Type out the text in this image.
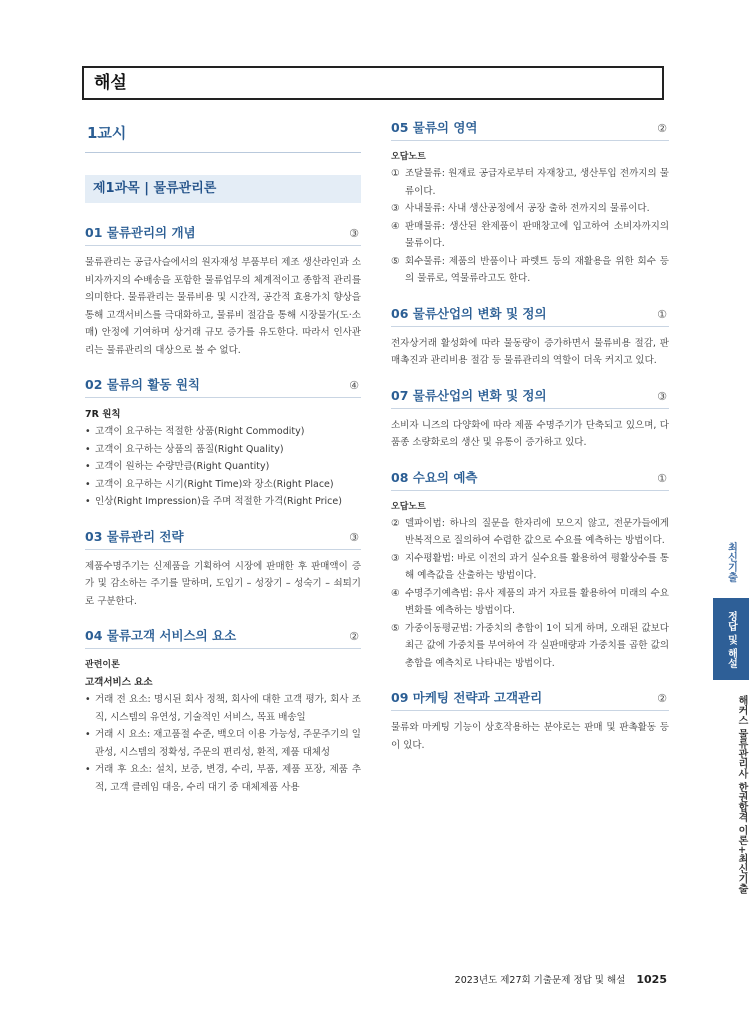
해설
1교시
제1과목 | 물류관리론
01 물류관리의 개념	③

물류관리는 공급사슬에서의 원자재성 부품부터 제조 생산라인과 소비자까지의 수배송을 포함한 물류업무의 체계적이고 종합적 관리를 의미한다. 물류관리는 물류비용 및 시간적, 공간적 효용가치 향상을 통해 고객서비스를 극대화하고, 물류비 절감을 통해 시장물가(도·소매) 안정에 기여하며 상거래 규모 증가를 유도한다. 따라서 인사관리는 물류관리의 대상으로 볼 수 없다.

02 물류의 활동 원칙	④
7R 원칙
• 고객이 요구하는 적절한 상품(Right Commodity)
• 고객이 요구하는 상품의 품질(Right Quality)
• 고객이 원하는 수량만큼(Right Quantity)
• 고객이 요구하는 시기(Right Time)와 장소(Right Place)
• 인상(Right Impression)을 주며 적절한 가격(Right Price)
03 물류관리 전략	③

제품수명주기는 신제품을 기획하여 시장에 판매한 후 판매액이 증가 및 감소하는 주기를 말하며, 도입기 – 성장기 – 성숙기 – 쇠퇴기로 구분한다.

04 물류고객 서비스의 요소	②
관련이론
고객서비스 요소
• 거래 전 요소: 명시된 회사 정책, 회사에 대한 고객 평가, 회사 조직, 시스템의 유연성, 기술적인 서비스, 목표 배송일
• 거래 시 요소: 재고품절 수준, 백오더 이용 가능성, 주문주기의 일관성, 시스템의 정확성, 주문의 편리성, 환적, 제품 대체성
• 거래 후 요소: 설치, 보증, 변경, 수리, 부품, 제품 포장, 제품 추적, 고객 클레임 대응, 수리 대기 중 대체제품 사용
05 물류의 영역	②
오답노트
① 조달물류: 원재료 공급자로부터 자재창고, 생산투입 전까지의 물류이다.
③ 사내물류: 사내 생산공정에서 공장 출하 전까지의 물류이다.
④ 판매물류: 생산된 완제품이 판매창고에 입고하여 소비자까지의 물류이다.
⑤ 회수물류: 제품의 반품이나 파렛트 등의 재활용을 위한 회수 등의 물류로, 역물류라고도 한다.
06 물류산업의 변화 및 정의	①

전자상거래 활성화에 따라 물동량이 증가하면서 물류비용 절감, 판매촉진과 관리비용 절감 등 물류관리의 역할이 더욱 커지고 있다.

07 물류산업의 변화 및 정의	③

소비자 니즈의 다양화에 따라 제품 수명주기가 단축되고 있으며, 다품종 소량화로의 생산 및 유통이 증가하고 있다.

08 수요의 예측	①
오답노트
② 델파이법: 하나의 질문을 한자리에 모으지 않고, 전문가들에게 반복적으로 질의하여 수렴한 값으로 수요를 예측하는 방법이다.
③ 지수평활법: 바로 이전의 과거 실수요를 활용하여 평활상수를 통해 예측값을 산출하는 방법이다.
④ 수명주기예측법: 유사 제품의 과거 자료를 활용하여 미래의 수요 변화를 예측하는 방법이다.
⑤ 가중이동평균법: 가중치의 총합이 1이 되게 하며, 오래된 값보다 최근 값에 가중치를 부여하여 각 실판매량과 가중치를 곱한 값의 총합을 예측치로 나타내는 방법이다.
09 마케팅 전략과 고객관리	②

물류와 마케팅 기능이 상호작용하는 분야로는 판매 및 판촉활동 등이 있다.

최신기출
정답 및 해설
해커스 물류관리사 한권합격 이론+최신기출
2023년도 제27회 기출문제 정답 및 해설 1025
